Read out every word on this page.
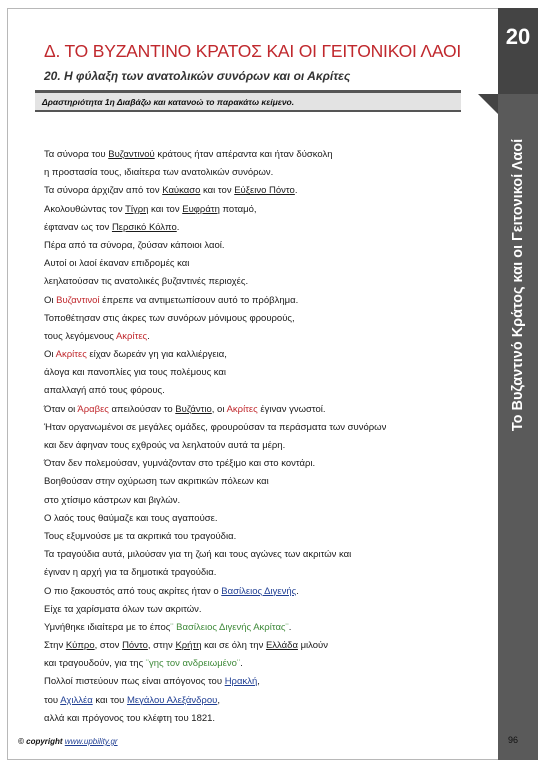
20
Το Βυζαντινό Κράτος και οι Γειτονικοί Λαοί
Δ. ΤΟ ΒΥΖΑΝΤΙΝΟ ΚΡΑΤΟΣ ΚΑΙ ΟΙ ΓΕΙΤΟΝΙΚΟΙ ΛΑΟΙ
20. Η φύλαξη των ανατολικών συνόρων και οι Ακρίτες
Δραστηριότητα 1η Διαβάζω και κατανοώ το παρακάτω κείμενο.
Τα σύνορα του Βυζαντινού κράτους ήταν απέραντα και ήταν δύσκολη
η προστασία τους, ιδιαίτερα των ανατολικών συνόρων.
Τα σύνορα άρχιζαν από τον Καύκασο και τον Εύξεινο Πόντο.
Ακολουθώντας τον Τίγρη και τον Ευφράτη ποταμό,
έφταναν ως τον Περσικό Κόλπο.
Πέρα από τα σύνορα, ζούσαν κάποιοι λαοί.
Αυτοί οι λαοί έκαναν επιδρομές και
λεηλατούσαν τις ανατολικές βυζαντινές περιοχές.
Οι Βυζαντινοί έπρεπε να αντιμετωπίσουν αυτό το πρόβλημα.
Τοποθέτησαν στις άκρες των συνόρων μόνιμους φρουρούς,
τους λεγόμενους Ακρίτες.
Οι Ακρίτες είχαν δωρεάν γη για καλλιέργεια,
άλογα και πανοπλίες για τους πολέμους και
απαλλαγή από τους φόρους.
Όταν οι Άραβες απειλούσαν το Βυζάντιο, οι Ακρίτες έγιναν γνωστοί.
Ήταν οργανωμένοι σε μεγάλες ομάδες, φρουρούσαν τα περάσματα των συνόρων
και δεν άφηναν τους εχθρούς να λεηλατούν αυτά τα μέρη.
Όταν δεν πολεμούσαν, γυμνάζονταν στο τρέξιμο και στο κοντάρι.
Βοηθούσαν στην οχύρωση των ακριτικών πόλεων και
στο χτίσιμο κάστρων και βιγλών.
Ο λαός τους θαύμαζε και τους αγαπούσε.
Τους εξυμνούσε με τα ακριτικά του τραγούδια.
Τα τραγούδια αυτά, μιλούσαν για τη ζωή και τους αγώνες των ακριτών και
έγιναν η αρχή για τα δημοτικά τραγούδια.
Ο πιο ξακουστός από τους ακρίτες ήταν ο Βασίλειος Διγενής.
Είχε τα χαρίσματα όλων των ακριτών.
Υμνήθηκε ιδιαίτερα με το έπος¨ Βασίλειος Διγενής Ακρίτας¨.
Στην Κύπρο, στον Πόντο, στην Κρήτη και σε όλη την Ελλάδα μιλούν
και τραγουδούν, για της ¨γης τον ανδρειωμένο¨.
Πολλοί πιστεύουν πως είναι απόγονος του Ηρακλή,
του Αχιλλέα και του Μεγάλου Αλεξάνδρου,
αλλά και πρόγονος του κλέφτη του 1821.
© copyright www.upbility.gr	96
